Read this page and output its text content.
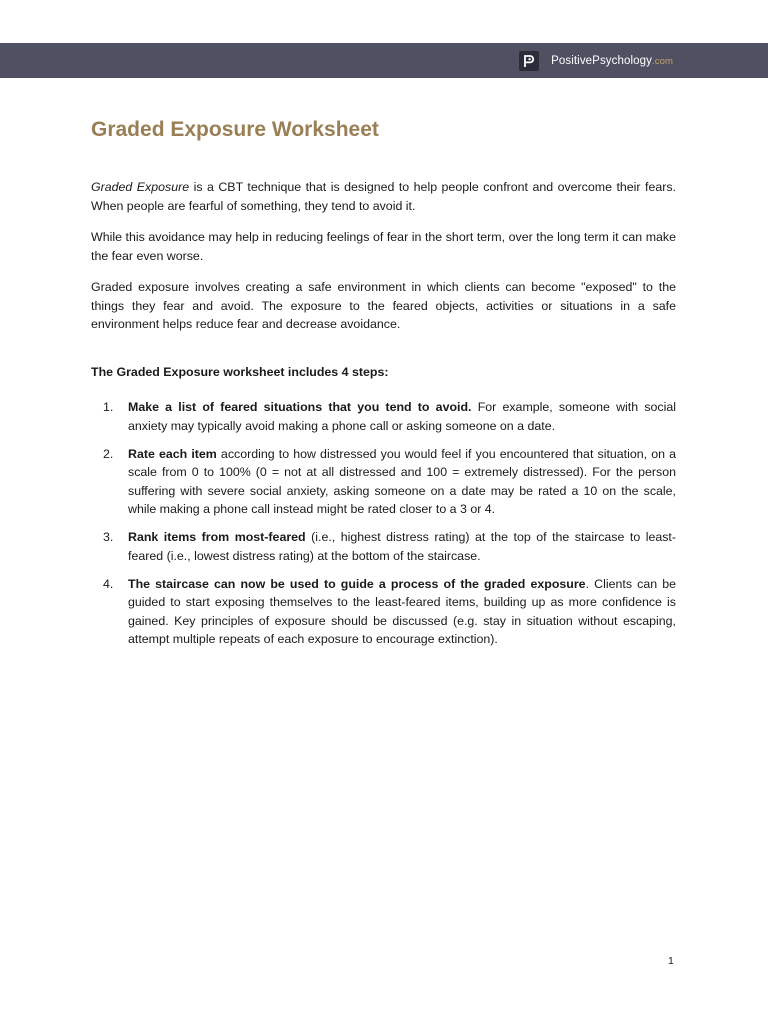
PositivePsychology.com
Graded Exposure Worksheet

Graded Exposure is a CBT technique that is designed to help people confront and overcome their fears. When people are fearful of something, they tend to avoid it.

While this avoidance may help in reducing feelings of fear in the short term, over the long term it can make the fear even worse.

Graded exposure involves creating a safe environment in which clients can become "exposed" to the things they fear and avoid. The exposure to the feared objects, activities or situations in a safe environment helps reduce fear and decrease avoidance.

The Graded Exposure worksheet includes 4 steps:
1. Make a list of feared situations that you tend to avoid. For example, someone with social anxiety may typically avoid making a phone call or asking someone on a date.
2. Rate each item according to how distressed you would feel if you encountered that situation, on a scale from 0 to 100% (0 = not at all distressed and 100 = extremely distressed). For the person suffering with severe social anxiety, asking someone on a date may be rated a 10 on the scale, while making a phone call instead might be rated closer to a 3 or 4.
3. Rank items from most-feared (i.e., highest distress rating) at the top of the staircase to least-feared (i.e., lowest distress rating) at the bottom of the staircase.
4. The staircase can now be used to guide a process of the graded exposure. Clients can be guided to start exposing themselves to the least-feared items, building up as more confidence is gained. Key principles of exposure should be discussed (e.g. stay in situation without escaping, attempt multiple repeats of each exposure to encourage extinction).
1
